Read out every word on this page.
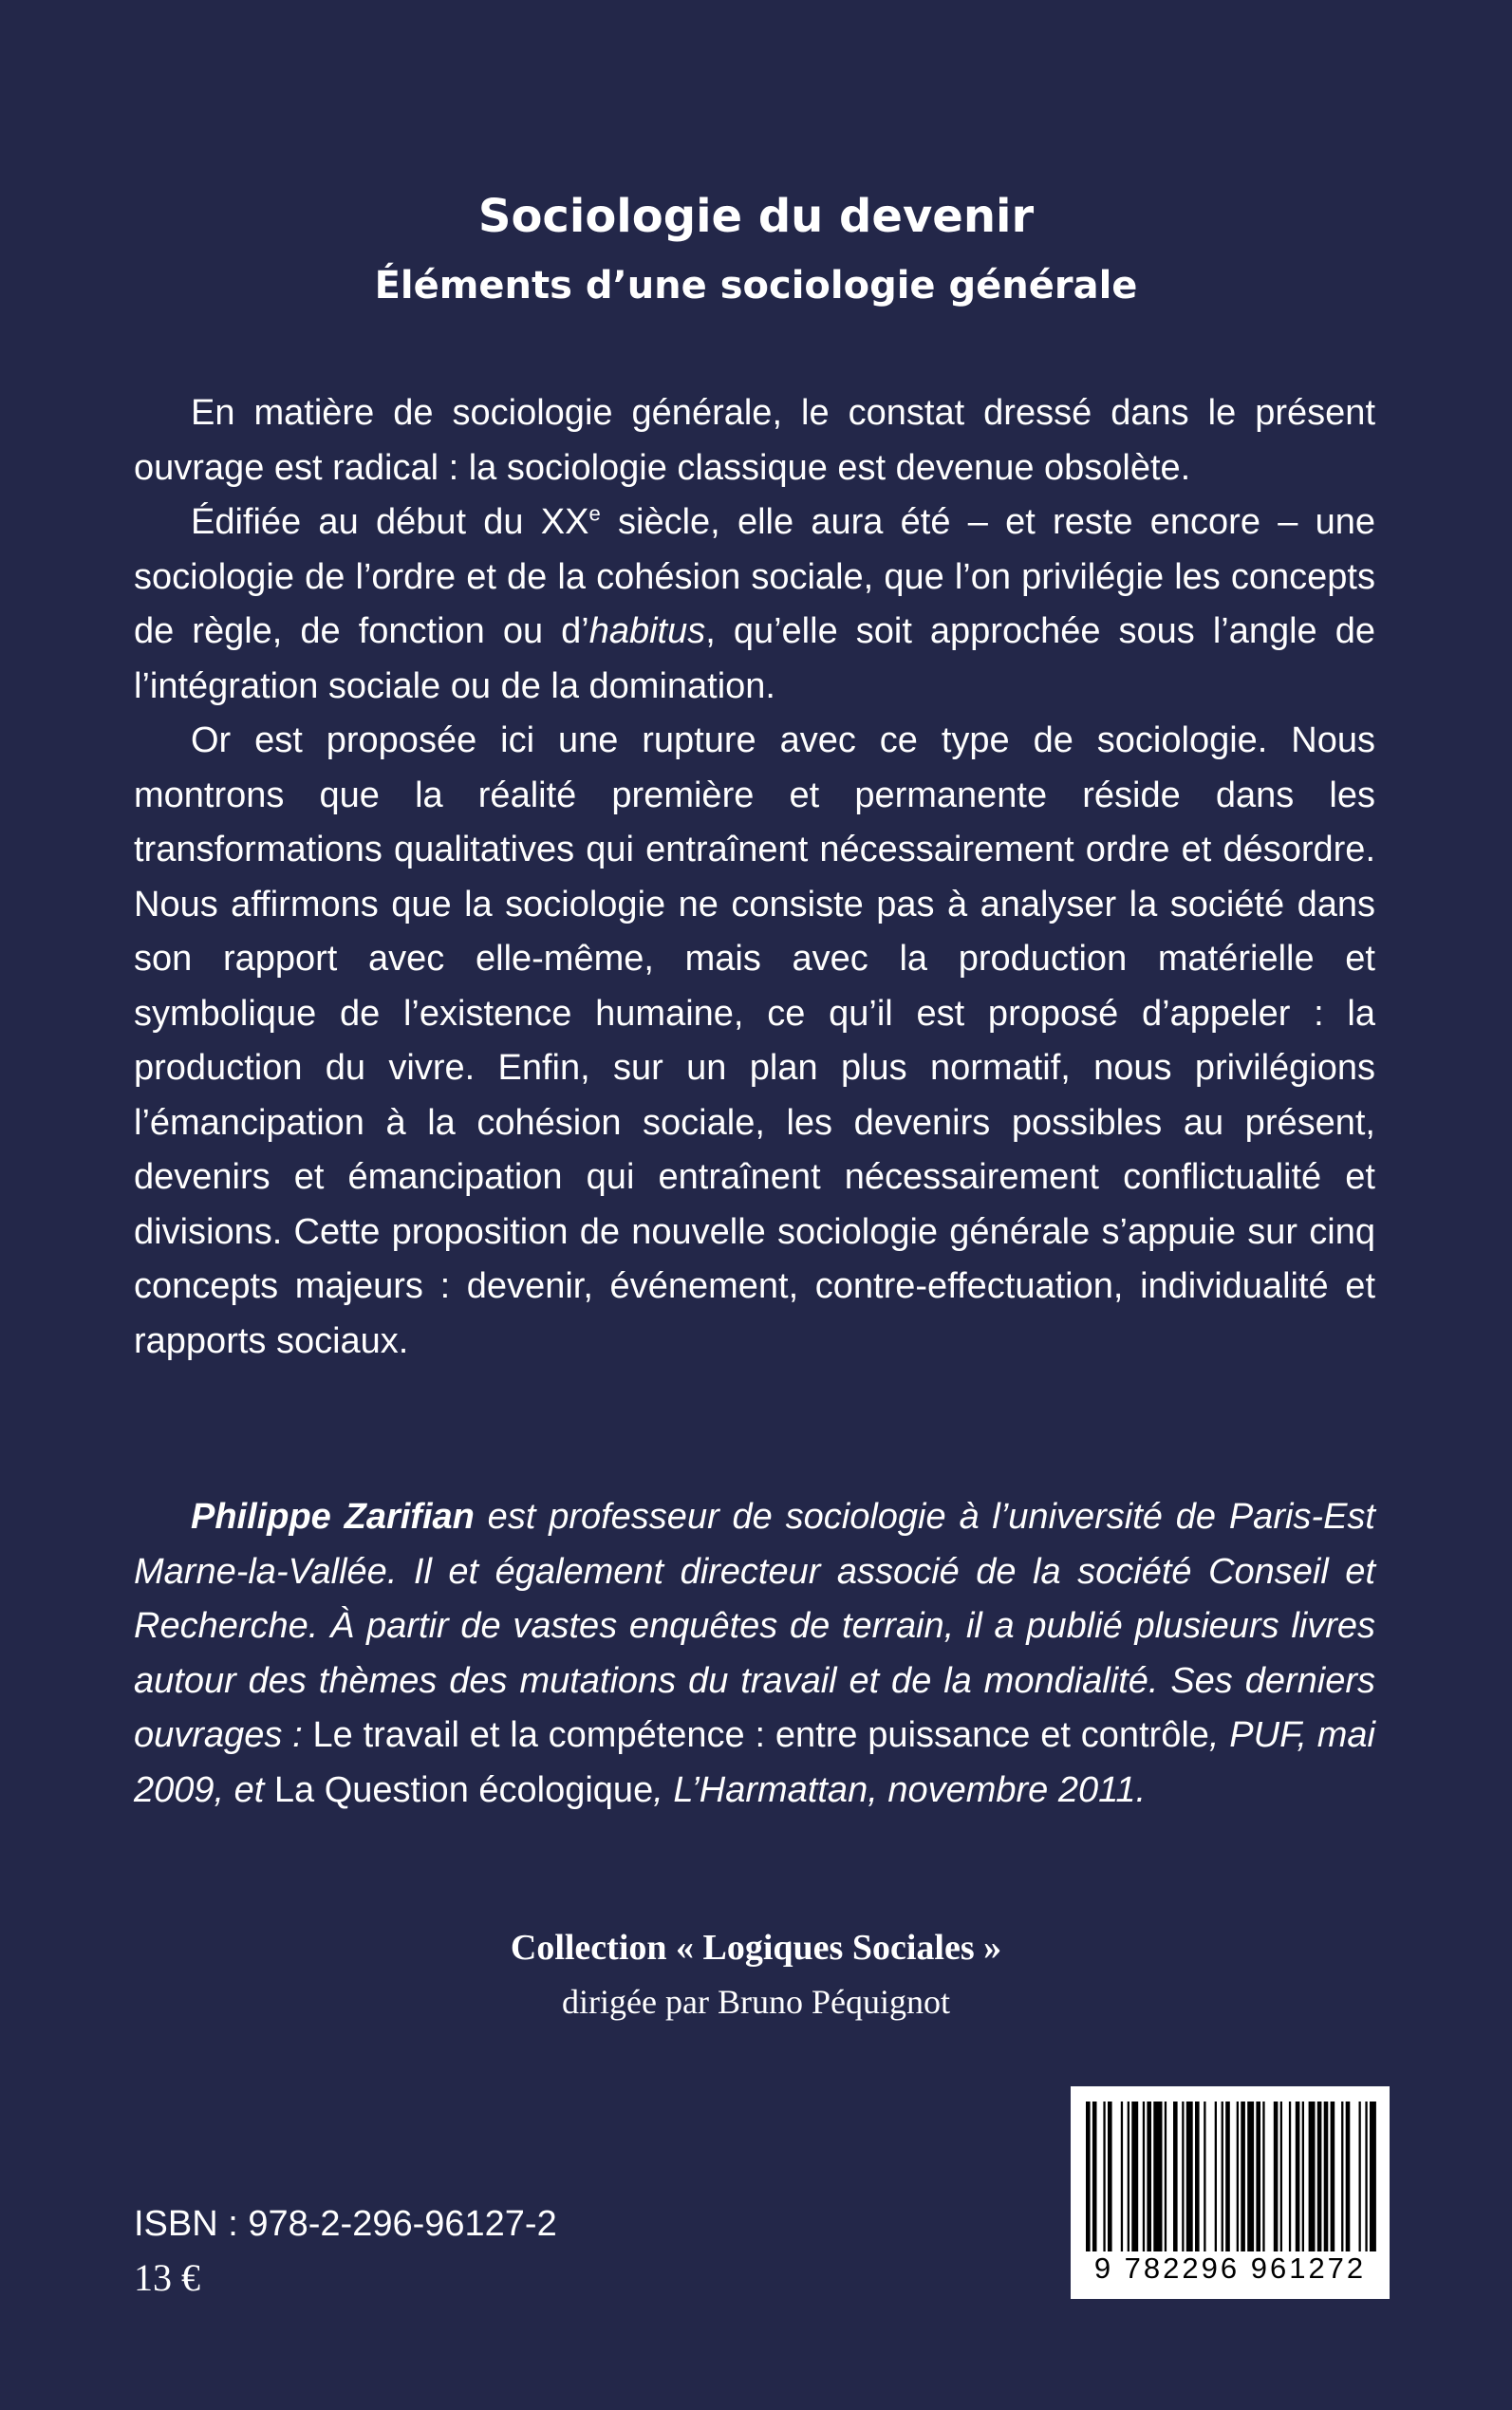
Sociologie du devenir
Éléments d’une sociologie générale

En matière de sociologie générale, le constat dressé dans le présent ouvrage est radical : la sociologie classique est devenue obsolète.

Édifiée au début du XXe siècle, elle aura été – et reste encore – une sociologie de l’ordre et de la cohésion sociale, que l’on privilégie les concepts de règle, de fonction ou d’habitus, qu’elle soit approchée sous l’angle de l’intégration sociale ou de la domination.

Or est proposée ici une rupture avec ce type de sociologie. Nous montrons que la réalité première et permanente réside dans les transformations qualitatives qui entraînent nécessairement ordre et désordre. Nous affirmons que la sociologie ne consiste pas à analyser la société dans son rapport avec elle-même, mais avec la production matérielle et symbolique de l’existence humaine, ce qu’il est proposé d’appeler : la production du vivre. Enfin, sur un plan plus normatif, nous privilégions l’émancipation à la cohésion sociale, les devenirs possibles au présent, devenirs et émancipation qui entraînent nécessairement conflictualité et divisions. Cette proposition de nouvelle sociologie générale s’appuie sur cinq concepts majeurs : devenir, événement, contre-effectuation, individualité et rapports sociaux.

Philippe Zarifian est professeur de sociologie à l’université de Paris-Est Marne-la-Vallée. Il et également directeur associé de la société Conseil et Recherche. À partir de vastes enquêtes de terrain, il a publié plusieurs livres autour des thèmes des mutations du travail et de la mondialité. Ses derniers ouvrages : Le travail et la compétence : entre puissance et contrôle, PUF, mai 2009, et La Question écologique, L’Harmattan, novembre 2011.

Collection « Logiques Sociales »
dirigée par Bruno Péquignot
ISBN : 978-2-296-96127-2
13 €	9 782296 961272
